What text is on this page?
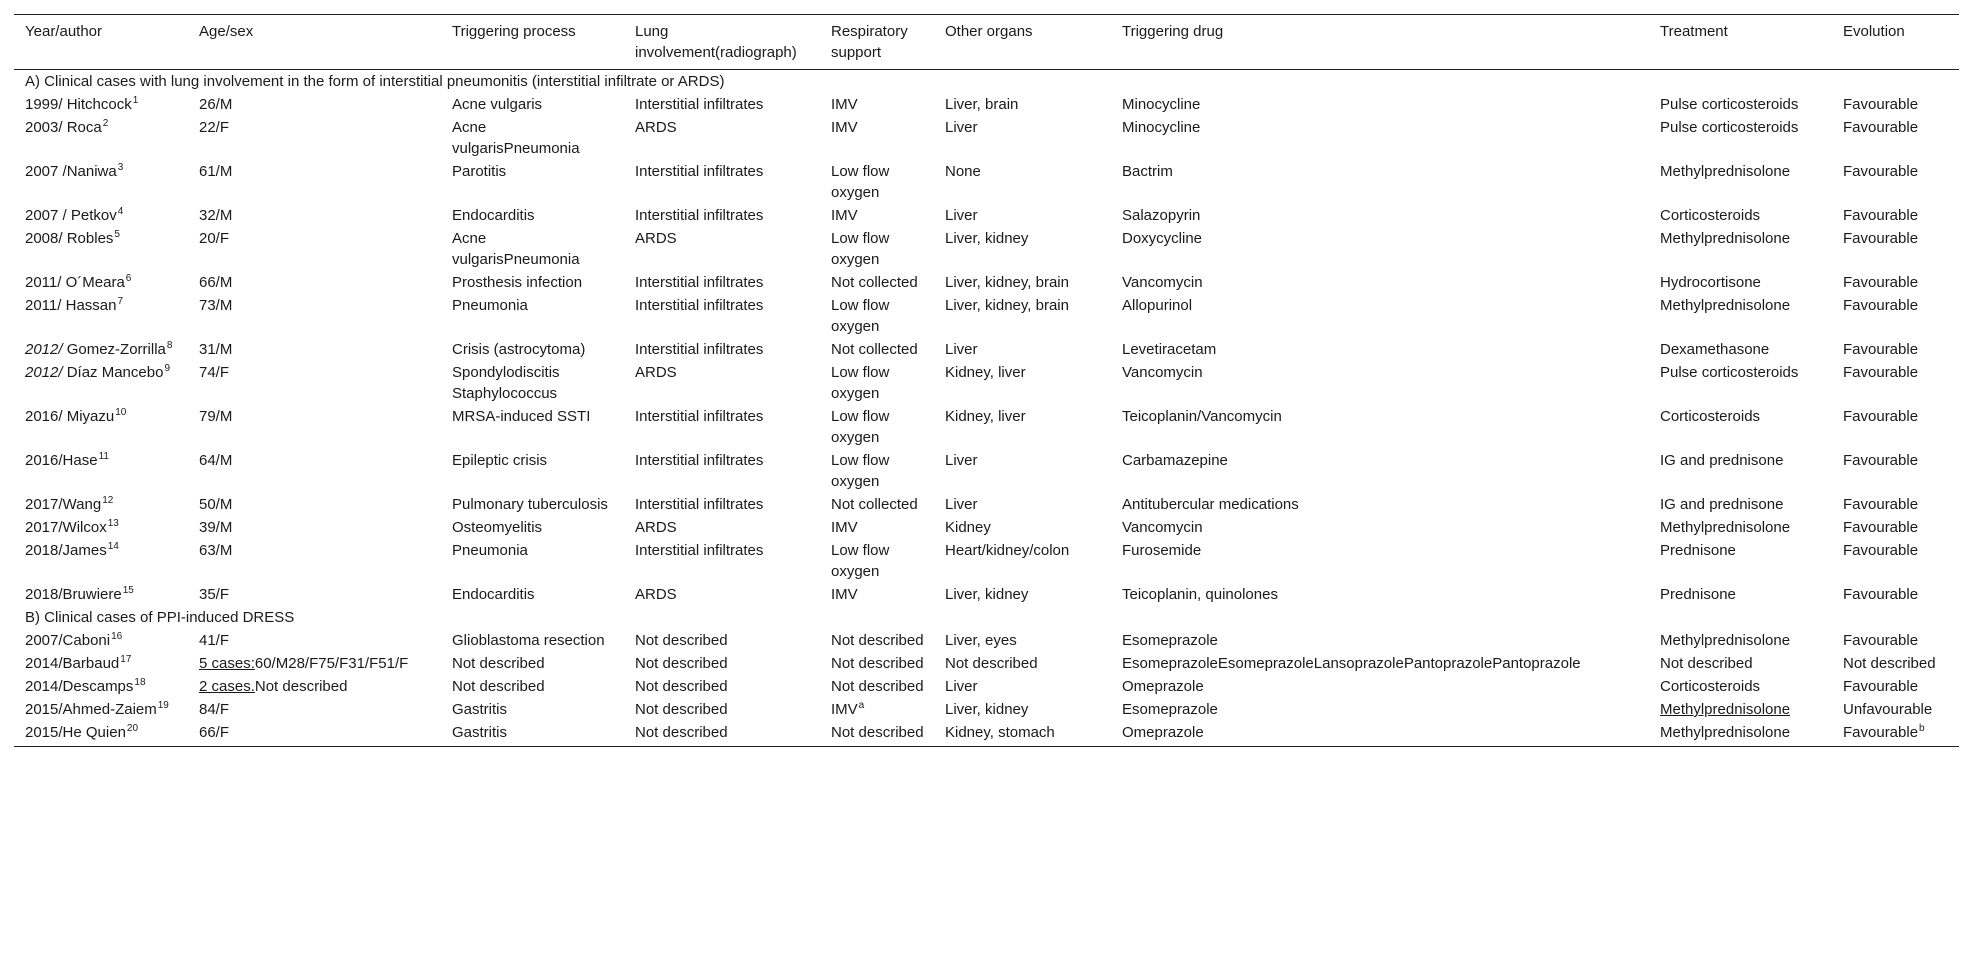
Year/author	Age/sex	Triggering process	Lung involvement(radiograph)	Respiratory support	Other organs	Triggering drug	Treatment	Evolution
A) Clinical cases with lung involvement in the form of interstitial pneumonitis (interstitial infiltrate or ARDS)								
1999/ Hitchcock$^1$	26/M	Acne vulgaris	Interstitial infiltrates	IMV	Liver, brain	Minocycline	Pulse corticosteroids	Favourable
2003/ Roca$^2$	22/F	Acne vulgarisPneumonia	ARDS	IMV	Liver	Minocycline	Pulse corticosteroids	Favourable
2007 /Naniwa$^3$	61/M	Parotitis	Interstitial infiltrates	Low flow oxygen	None	Bactrim	Methylprednisolone	Favourable
2007 / Petkov$^4$	32/M	Endocarditis	Interstitial infiltrates	IMV	Liver	Salazopyrin	Corticosteroids	Favourable
2008/ Robles$^5$	20/F	Acne vulgarisPneumonia	ARDS	Low flow oxygen	Liver, kidney	Doxycycline	Methylprednisolone	Favourable
2011/ O´Meara$^6$	66/M	Prosthesis infection	Interstitial infiltrates	Not collected	Liver, kidney, brain	Vancomycin	Hydrocortisone	Favourable
2011/ Hassan$^7$	73/M	Pneumonia	Interstitial infiltrates	Low flow oxygen	Liver, kidney, brain	Allopurinol	Methylprednisolone	Favourable
2012/ Gomez-Zorrilla$^8$	31/M	Crisis (astrocytoma)	Interstitial infiltrates	Not collected	Liver	Levetiracetam	Dexamethasone	Favourable
2012/ Díaz Mancebo$^9$	74/F	Spondylodiscitis Staphylococcus	ARDS	Low flow oxygen	Kidney, liver	Vancomycin	Pulse corticosteroids	Favourable
2016/ Miyazu$^{10}$	79/M	MRSA-induced SSTI	Interstitial infiltrates	Low flow oxygen	Kidney, liver	Teicoplanin/Vancomycin	Corticosteroids	Favourable
2016/Hase$^{11}$	64/M	Epileptic crisis	Interstitial infiltrates	Low flow oxygen	Liver	Carbamazepine	IG and prednisone	Favourable
2017/Wang$^{12}$	50/M	Pulmonary tuberculosis	Interstitial infiltrates	Not collected	Liver	Antitubercular medications	IG and prednisone	Favourable
2017/Wilcox$^{13}$	39/M	Osteomyelitis	ARDS	IMV	Kidney	Vancomycin	Methylprednisolone	Favourable
2018/James$^{14}$	63/M	Pneumonia	Interstitial infiltrates	Low flow oxygen	Heart/kidney/colon	Furosemide	Prednisone	Favourable
2018/Bruwiere$^{15}$	35/F	Endocarditis	ARDS	IMV	Liver, kidney	Teicoplanin, quinolones	Prednisone	Favourable
B) Clinical cases of PPI-induced DRESS								
2007/Caboni$^{16}$	41/F	Glioblastoma resection	Not described	Not described	Liver, eyes	Esomeprazole	Methylprednisolone	Favourable
2014/Barbaud$^{17}$	5 cases:60/M28/F75/F31/F51/F	Not described	Not described	Not described	Not described	EsomeprazoleEsomeprazoleLansoprazolePantoprazolePantoprazole	Not described	Not described
2014/Descamps$^{18}$	2 cases.Not described	Not described	Not described	Not described	Liver	Omeprazole	Corticosteroids	Favourable
2015/Ahmed-Zaiem$^{19}$	84/F	Gastritis	Not described	IMV$^a$	Liver, kidney	Esomeprazole	Methylprednisolone	Unfavourable
2015/He Quien$^{20}$	66/F	Gastritis	Not described	Not described	Kidney, stomach	Omeprazole	Methylprednisolone	Favourable$^b$
